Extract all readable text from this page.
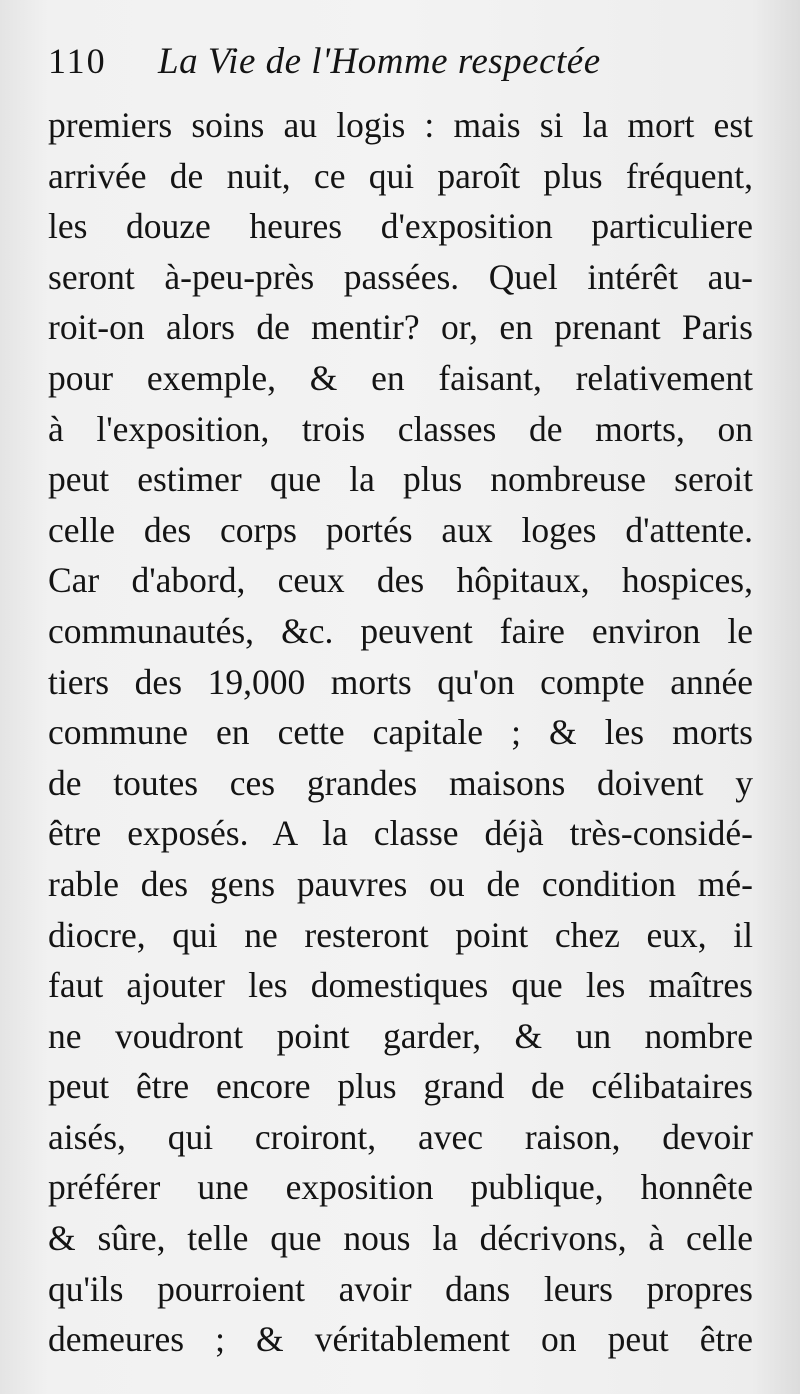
110	La Vie de l'Homme respectée
premiers soins au logis : mais si la mort est
arrivée de nuit, ce qui paroît plus fréquent,
les douze heures d'exposition particuliere
seront à-peu-près passées. Quel intérêt au-
roit-on alors de mentir? or, en prenant Paris
pour exemple, & en faisant, relativement
à l'exposition, trois classes de morts, on
peut estimer que la plus nombreuse seroit
celle des corps portés aux loges d'attente.
Car d'abord, ceux des hôpitaux, hospices,
communautés, &c. peuvent faire environ le
tiers des 19,000 morts qu'on compte année
commune en cette capitale ; & les morts
de toutes ces grandes maisons doivent y
être exposés. A la classe déjà très-considé-
rable des gens pauvres ou de condition mé-
diocre, qui ne resteront point chez eux, il
faut ajouter les domestiques que les maîtres
ne voudront point garder, & un nombre
peut être encore plus grand de célibataires
aisés, qui croiront, avec raison, devoir
préférer une exposition publique, honnête
& sûre, telle que nous la décrivons, à celle
qu'ils pourroient avoir dans leurs propres
demeures ; & véritablement on peut être
